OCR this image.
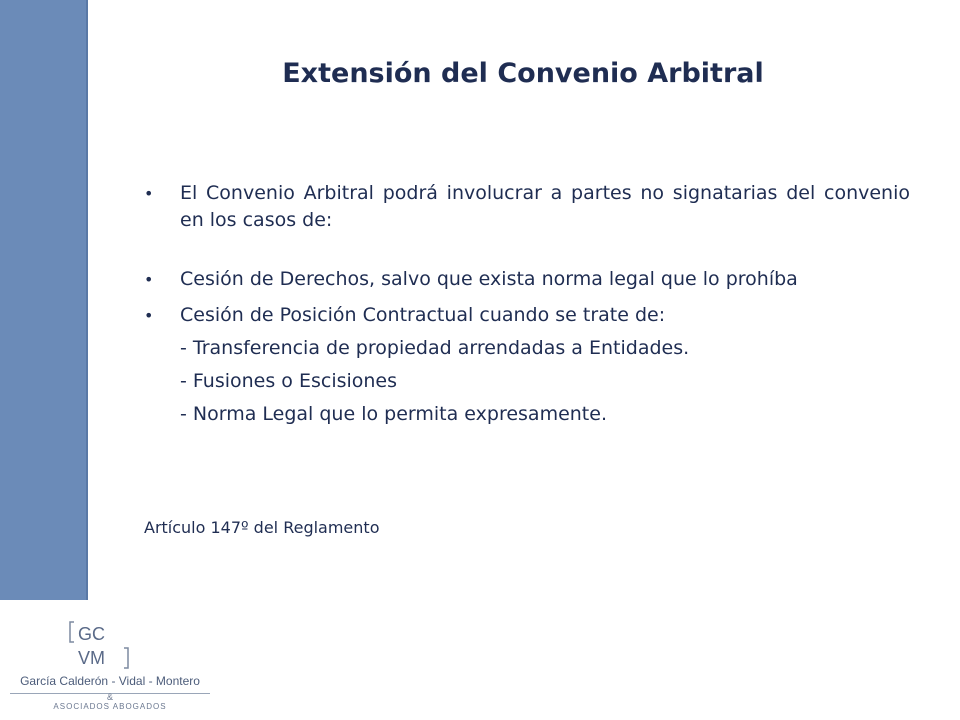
Extensión del Convenio Arbitral

• El Convenio Arbitral podrá involucrar a partes no signatarias del convenio en los casos de:

• Cesión de Derechos, salvo que exista norma legal que lo prohíba

• Cesión de Posición Contractual cuando se trate de:

- Transferencia de propiedad arrendadas a Entidades.

- Fusiones o Escisiones

- Norma Legal que lo permita expresamente.

Artículo 147º del Reglamento
GC
VM
García Calderón - Vidal - Montero
&
ASOCIADOS ABOGADOS
